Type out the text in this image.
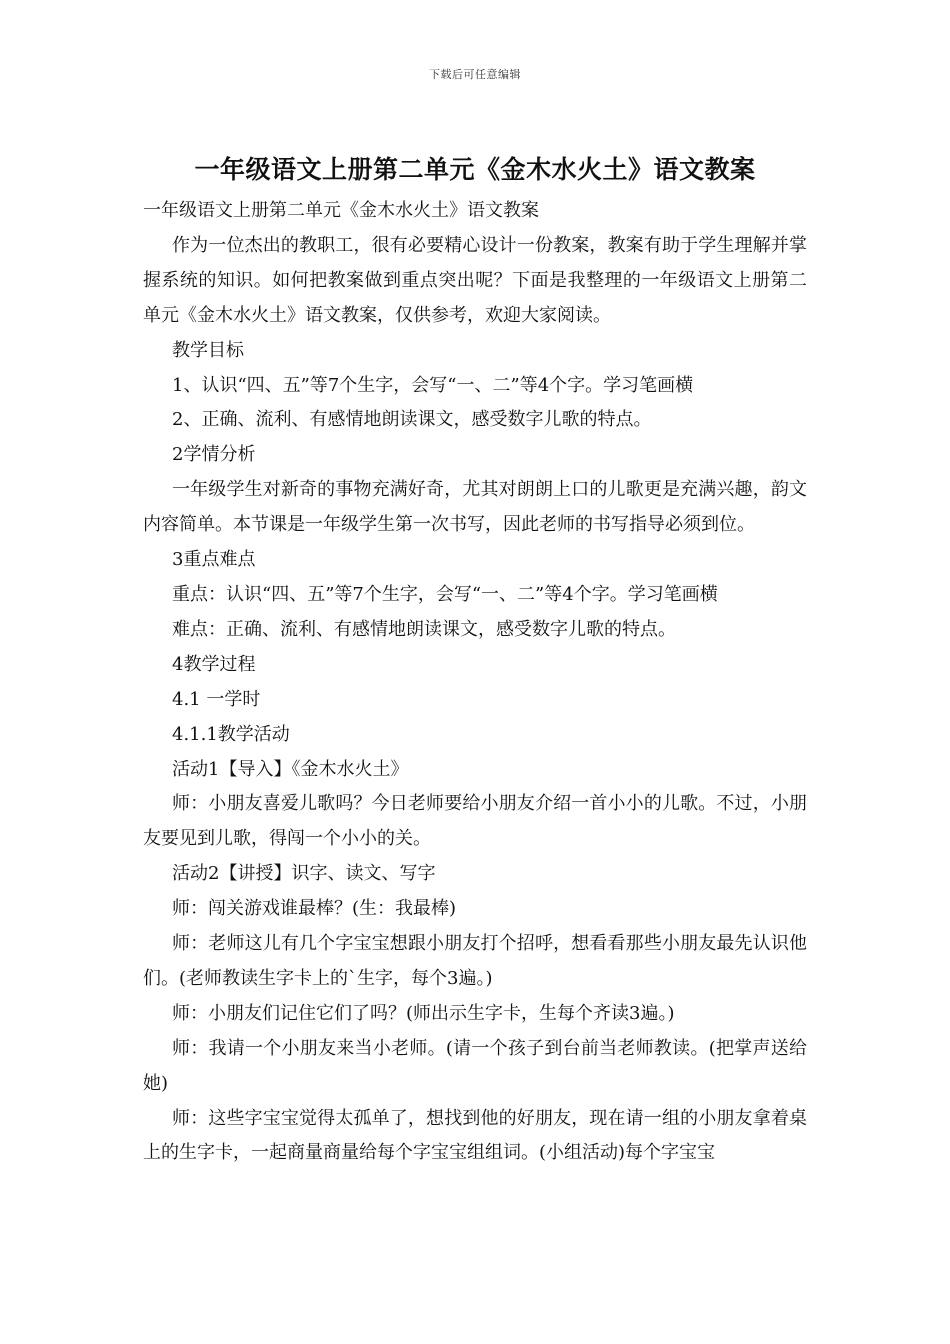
下载后可任意编辑
一年级语文上册第二单元《金木水火土》语文教案

一年级语文上册第二单元《金木水火土》语文教案

作为一位杰出的教职工，很有必要精心设计一份教案，教案有助于学生理解并掌握系统的知识。如何把教案做到重点突出呢？下面是我整理的一年级语文上册第二单元《金木水火土》语文教案，仅供参考，欢迎大家阅读。

教学目标

1、认识“四、五”等7个生字，会写“一、二”等4个字。学习笔画横

2、正确、流利、有感情地朗读课文，感受数字儿歌的特点。

2学情分析

一年级学生对新奇的事物充满好奇，尤其对朗朗上口的儿歌更是充满兴趣，韵文内容简单。本节课是一年级学生第一次书写，因此老师的书写指导必须到位。

3重点难点

重点：认识“四、五”等7个生字，会写“一、二”等4个字。学习笔画横

难点：正确、流利、有感情地朗读课文，感受数字儿歌的特点。

4教学过程

4.1 一学时

4.1.1教学活动

活动1【导入】《金木水火土》

师：小朋友喜爱儿歌吗？今日老师要给小朋友介绍一首小小的儿歌。不过，小朋友要见到儿歌，得闯一个小小的关。

活动2【讲授】识字、读文、写字

师：闯关游戏谁最棒？(生：我最棒)

师：老师这儿有几个字宝宝想跟小朋友打个招呼，想看看那些小朋友最先认识他们。(老师教读生字卡上的`生字，每个3遍。)

师：小朋友们记住它们了吗？(师出示生字卡，生每个齐读3遍。)

师：我请一个小朋友来当小老师。(请一个孩子到台前当老师教读。(把掌声送给她)

师：这些字宝宝觉得太孤单了，想找到他的好朋友，现在请一组的小朋友拿着桌上的生字卡，一起商量商量给每个字宝宝组组词。(小组活动)每个字宝宝
